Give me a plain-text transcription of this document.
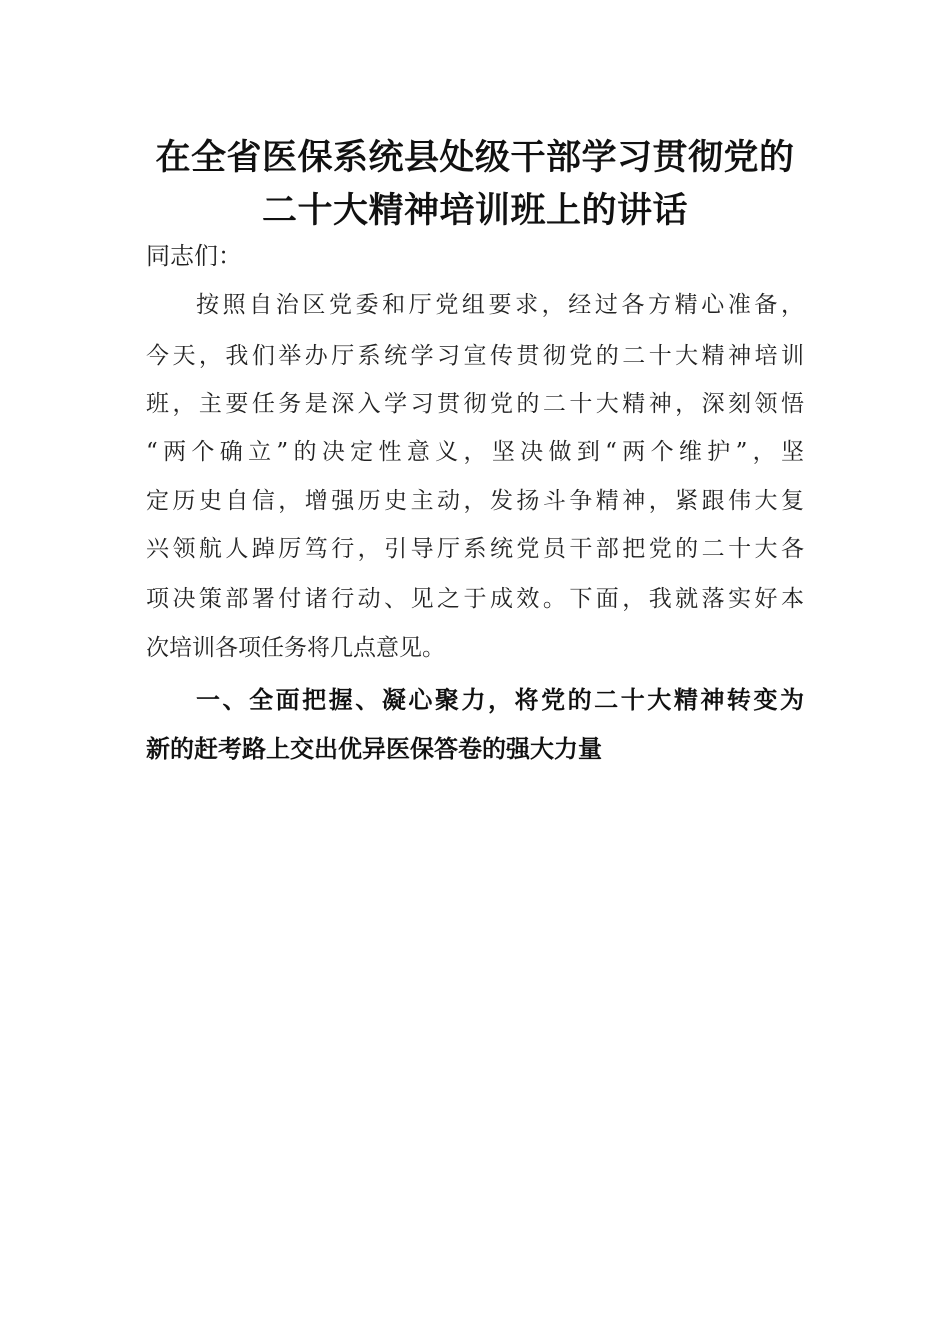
在全省医保系统县处级干部学习贯彻党的
二十大精神培训班上的讲话
同志们：
按照自治区党委和厅党组要求，经过各方精心准备，
今天，我们举办厅系统学习宣传贯彻党的二十大精神培训
班，主要任务是深入学习贯彻党的二十大精神，深刻领悟
“两个确立”的决定性意义，坚决做到“两个维护”，坚
定历史自信，增强历史主动，发扬斗争精神，紧跟伟大复
兴领航人踔厉笃行，引导厅系统党员干部把党的二十大各
项决策部署付诸行动、见之于成效。下面，我就落实好本
次培训各项任务将几点意见。
一、全面把握、凝心聚力，将党的二十大精神转变为
新的赶考路上交出优异医保答卷的强大力量
